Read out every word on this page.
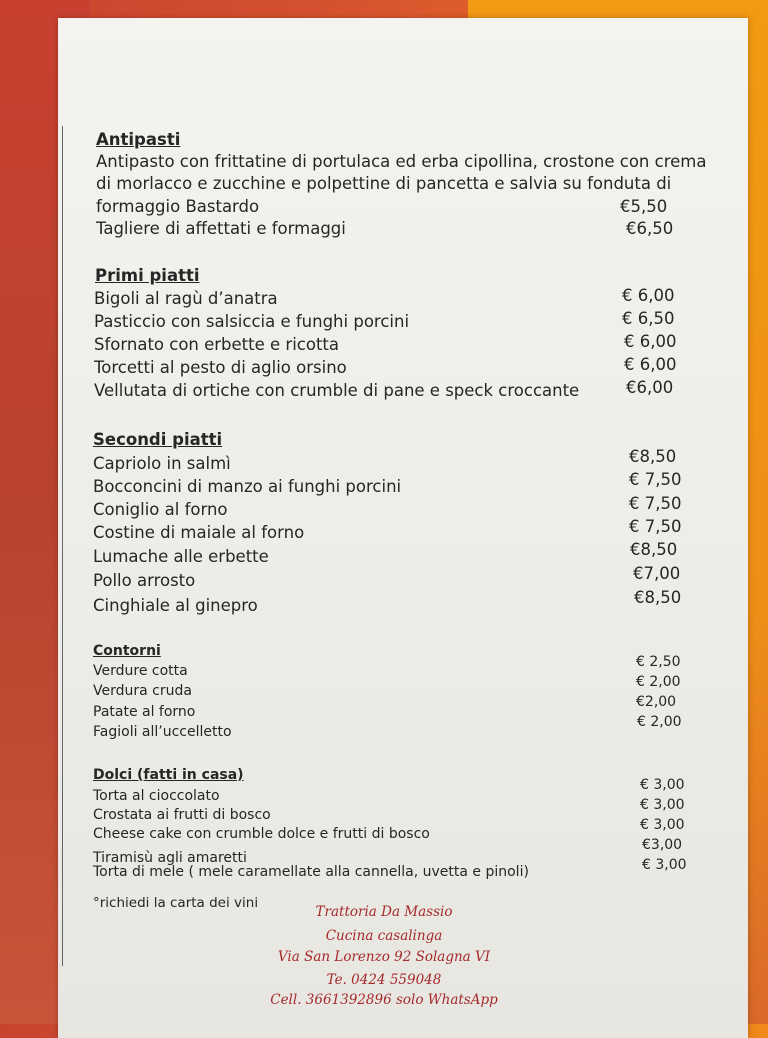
Antipasti
Antipasto con frittatine di portulaca ed erba cipollina, crostone con crema
di morlacco e zucchine e polpettine di pancetta e salvia su fonduta di
formaggio Bastardo	€5,50
Tagliere di affettati e formaggi	€6,50
Primi piatti
Bigoli al ragù d’anatra	€ 6,00
Pasticcio con salsiccia e funghi porcini	€ 6,50
Sfornato con erbette e ricotta	€ 6,00
Torcetti al pesto di aglio orsino	€ 6,00
Vellutata di ortiche con crumble di pane e speck croccante	€6,00
Secondi piatti
Capriolo in salmì	€8,50
Bocconcini di manzo ai funghi porcini	€ 7,50
Coniglio al forno	€ 7,50
Costine di maiale al forno	€ 7,50
Lumache alle erbette	€8,50
Pollo arrosto	€7,00
Cinghiale al ginepro	€8,50
Contorni
Verdure cotta
€ 2,50
Verdura cruda
€ 2,00
Patate al forno
€2,00
Fagioli all’uccelletto
€ 2,00
Dolci (fatti in casa)
Torta al cioccolato
€ 3,00
Crostata ai frutti di bosco
€ 3,00
Cheese cake con crumble dolce e frutti di bosco
€ 3,00
Tiramisù agli amaretti
€3,00
Torta di mele ( mele caramellate alla cannella, uvetta e pinoli)	€ 3,00
°richiedi la carta dei vini
Trattoria Da Massio
Cucina casalinga
Via San Lorenzo 92 Solagna VI
Te. 0424 559048
Cell. 3661392896 solo WhatsApp
